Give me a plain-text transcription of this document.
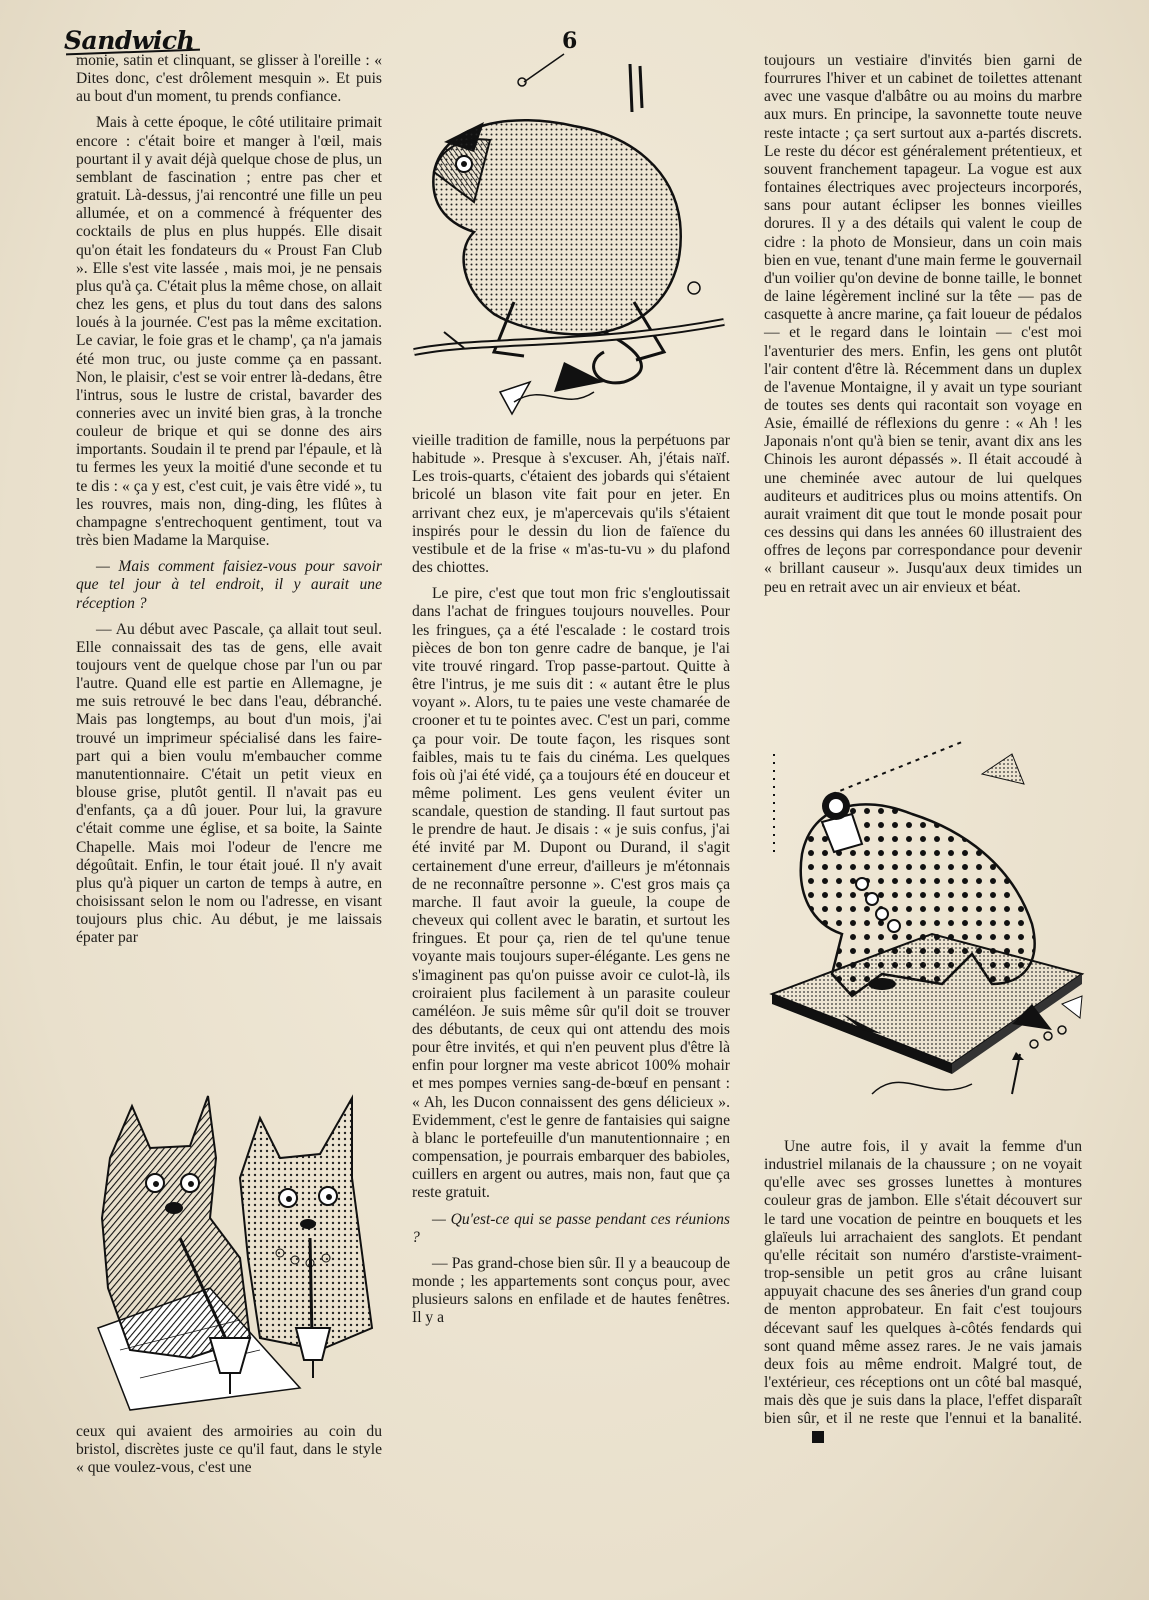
Sandwich	6

monie, satin et clinquant, se glisser à l'oreille : « Dites donc, c'est drôlement mesquin ». Et puis au bout d'un moment, tu prends confiance.

Mais à cette époque, le côté utilitaire primait encore : c'était boire et manger à l'œil, mais pourtant il y avait déjà quelque chose de plus, un semblant de fascination ; entre pas cher et gratuit. Là-dessus, j'ai rencontré une fille un peu allumée, et on a commencé à fréquenter des cocktails de plus en plus huppés. Elle disait qu'on était les fondateurs du « Proust Fan Club ». Elle s'est vite lassée , mais moi, je ne pensais plus qu'à ça. C'était plus la même chose, on allait chez les gens, et plus du tout dans des salons loués à la journée. C'est pas la même excitation. Le caviar, le foie gras et le champ', ça n'a jamais été mon truc, ou juste comme ça en passant. Non, le plaisir, c'est se voir entrer là-dedans, être l'intrus, sous le lustre de cristal, bavarder des conneries avec un invité bien gras, à la tronche couleur de brique et qui se donne des airs importants. Soudain il te prend par l'épaule, et là tu fermes les yeux la moitié d'une seconde et tu te dis : « ça y est, c'est cuit, je vais être vidé », tu les rouvres, mais non, ding-ding, les flûtes à champagne s'entrechoquent gentiment, tout va très bien Madame la Marquise.

— Mais comment faisiez-vous pour savoir que tel jour à tel endroit, il y aurait une réception ?

— Au début avec Pascale, ça allait tout seul. Elle connaissait des tas de gens, elle avait toujours vent de quelque chose par l'un ou par l'autre. Quand elle est partie en Allemagne, je me suis retrouvé le bec dans l'eau, débranché. Mais pas longtemps, au bout d'un mois, j'ai trouvé un imprimeur spécialisé dans les faire-part qui a bien voulu m'embaucher comme manutentionnaire. C'était un petit vieux en blouse grise, plutôt gentil. Il n'avait pas eu d'enfants, ça a dû jouer. Pour lui, la gravure c'était comme une église, et sa boite, la Sainte Chapelle. Mais moi l'odeur de l'encre me dégoûtait. Enfin, le tour était joué. Il n'y avait plus qu'à piquer un carton de temps à autre, en choisissant selon le nom ou l'adresse, en visant toujours plus chic. Au début, je me laissais épater par

ceux qui avaient des armoiries au coin du bristol, discrètes juste ce qu'il faut, dans le style « que voulez-vous, c'est une

vieille tradition de famille, nous la perpétuons par habitude ». Presque à s'excuser. Ah, j'étais naïf. Les trois-quarts, c'étaient des jobards qui s'étaient bricolé un blason vite fait pour en jeter. En arrivant chez eux, je m'apercevais qu'ils s'étaient inspirés pour le dessin du lion de faïence du vestibule et de la frise « m'as-tu-vu » du plafond des chiottes.

Le pire, c'est que tout mon fric s'engloutissait dans l'achat de fringues toujours nouvelles. Pour les fringues, ça a été l'escalade : le costard trois pièces de bon ton genre cadre de banque, je l'ai vite trouvé ringard. Trop passe-partout. Quitte à être l'intrus, je me suis dit : « autant être le plus voyant ». Alors, tu te paies une veste chamarée de crooner et tu te pointes avec. C'est un pari, comme ça pour voir. De toute façon, les risques sont faibles, mais tu te fais du cinéma. Les quelques fois où j'ai été vidé, ça a toujours été en douceur et même poliment. Les gens veulent éviter un scandale, question de standing. Il faut surtout pas le prendre de haut. Je disais : « je suis confus, j'ai été invité par M. Dupont ou Durand, il s'agit certainement d'une erreur, d'ailleurs je m'étonnais de ne reconnaître personne ». C'est gros mais ça marche. Il faut avoir la gueule, la coupe de cheveux qui collent avec le baratin, et surtout les fringues. Et pour ça, rien de tel qu'une tenue voyante mais toujours super-élégante. Les gens ne s'imaginent pas qu'on puisse avoir ce culot-là, ils croiraient plus facilement à un parasite couleur caméléon. Je suis même sûr qu'il doit se trouver des débutants, de ceux qui ont attendu des mois pour être invités, et qui n'en peuvent plus d'être là enfin pour lorgner ma veste abricot 100% mohair et mes pompes vernies sang-de-bœuf en pensant : « Ah, les Ducon connaissent des gens délicieux ». Evidemment, c'est le genre de fantaisies qui saigne à blanc le portefeuille d'un manutentionnaire ; en compensation, je pourrais embarquer des babioles, cuillers en argent ou autres, mais non, faut que ça reste gratuit.

— Qu'est-ce qui se passe pendant ces réunions ?

— Pas grand-chose bien sûr. Il y a beaucoup de monde ; les appartements sont conçus pour, avec plusieurs salons en enfilade et de hautes fenêtres. Il y a

toujours un vestiaire d'invités bien garni de fourrures l'hiver et un cabinet de toilettes attenant avec une vasque d'albâtre ou au moins du marbre aux murs. En principe, la savonnette toute neuve reste intacte ; ça sert surtout aux a-partés discrets. Le reste du décor est généralement prétentieux, et souvent franchement tapageur. La vogue est aux fontaines électriques avec projecteurs incorporés, sans pour autant éclipser les bonnes vieilles dorures. Il y a des détails qui valent le coup de cidre : la photo de Monsieur, dans un coin mais bien en vue, tenant d'une main ferme le gouvernail d'un voilier qu'on devine de bonne taille, le bonnet de laine légèrement incliné sur la tête — pas de casquette à ancre marine, ça fait loueur de pédalos — et le regard dans le lointain — c'est moi l'aventurier des mers. Enfin, les gens ont plutôt l'air content d'être là. Récemment dans un duplex de l'avenue Montaigne, il y avait un type souriant de toutes ses dents qui racontait son voyage en Asie, émaillé de réflexions du genre : « Ah ! les Japonais n'ont qu'à bien se tenir, avant dix ans les Chinois les auront dépassés ». Il était accoudé à une cheminée avec autour de lui quelques auditeurs et auditrices plus ou moins attentifs. On aurait vraiment dit que tout le monde posait pour ces dessins qui dans les années 60 illustraient des offres de leçons par correspondance pour devenir « brillant causeur ». Jusqu'aux deux timides un peu en retrait avec un air envieux et béat.

Une autre fois, il y avait la femme d'un industriel milanais de la chaussure ; on ne voyait qu'elle avec ses grosses lunettes à montures couleur gras de jambon. Elle s'était découvert sur le tard une vocation de peintre en bouquets et les glaïeuls lui arrachaient des sanglots. Et pendant qu'elle récitait son numéro d'arstiste-vraiment-trop-sensible un petit gros au crâne luisant appuyait chacune des ses âneries d'un grand coup de menton approbateur. En fait c'est toujours décevant sauf les quelques à-côtés fendards qui sont quand même assez rares. Je ne vais jamais deux fois au même endroit. Malgré tout, de l'extérieur, ces réceptions ont un côté bal masqué, mais dès que je suis dans la place, l'effet disparaît bien sûr, et il ne reste que l'ennui et la banalité.
